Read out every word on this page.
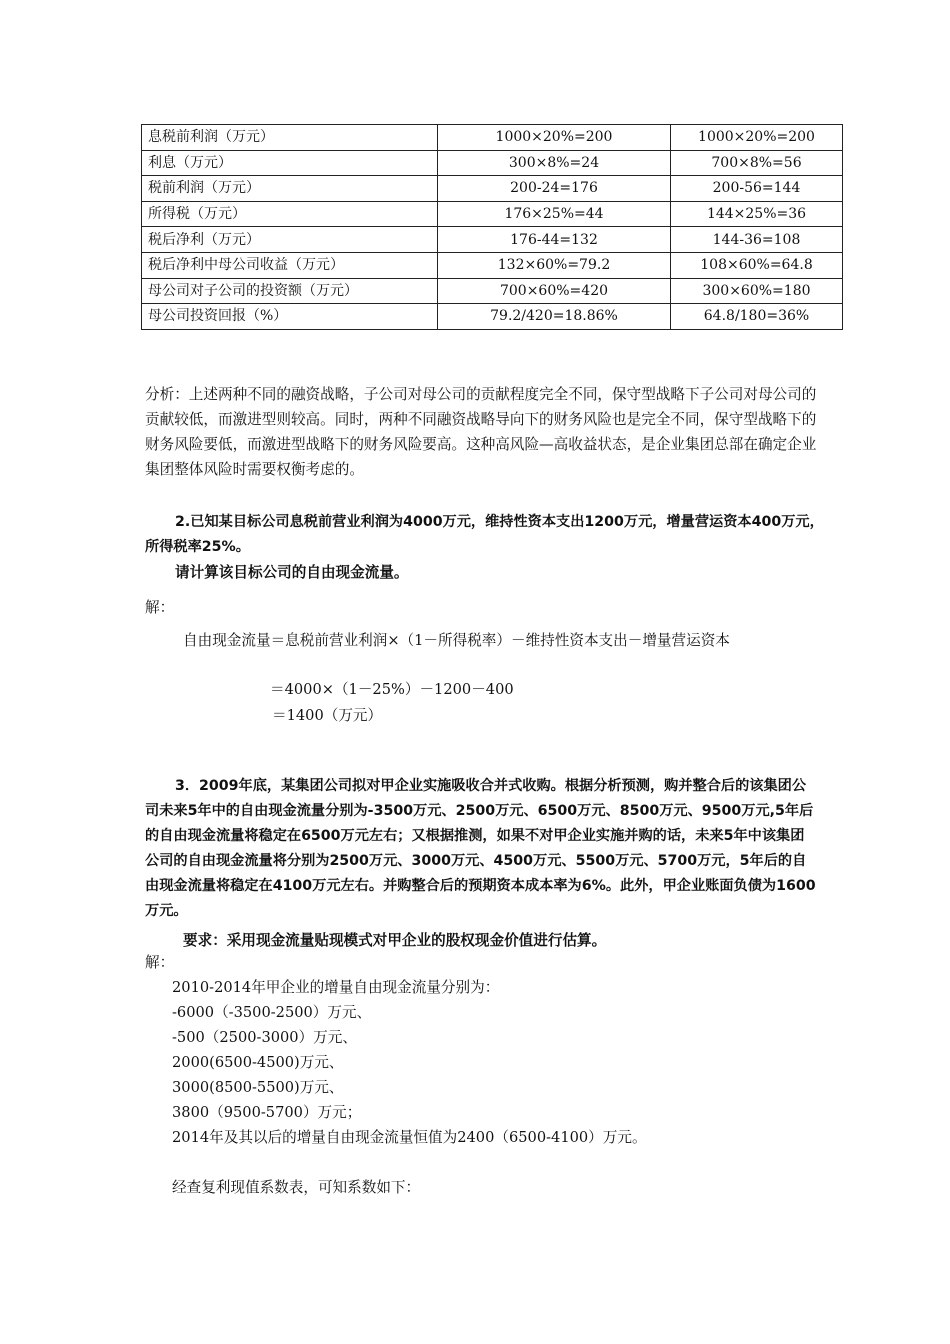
息税前利润（万元）	1000×20%=200	1000×20%=200
利息（万元）	300×8%=24	700×8%=56
税前利润（万元）	200-24=176	200-56=144
所得税（万元）	176×25%=44	144×25%=36
税后净利（万元）	176-44=132	144-36=108
税后净利中母公司收益（万元）	132×60%=79.2	108×60%=64.8
母公司对子公司的投资额（万元）	700×60%=420	300×60%=180
母公司投资回报（%）	79.2/420=18.86%	64.8/180=36%

分析：上述两种不同的融资战略，子公司对母公司的贡献程度完全不同，保守型战略下子公司对母公司的贡献较低，而激进型则较高。同时，两种不同融资战略导向下的财务风险也是完全不同，保守型战略下的财务风险要低，而激进型战略下的财务风险要高。这种高风险—高收益状态，是企业集团总部在确定企业集团整体风险时需要权衡考虑的。

2.已知某目标公司息税前营业利润为4000万元，维持性资本支出1200万元，增量营运资本400万元，所得税率25%。

请计算该目标公司的自由现金流量。

解：

自由现金流量＝息税前营业利润×（1－所得税率）－维持性资本支出－增量营运资本

＝4000×（1－25%）－1200－400

＝1400（万元）

3．2009年底，某集团公司拟对甲企业实施吸收合并式收购。根据分析预测，购并整合后的该集团公司未来5年中的自由现金流量分别为-3500万元、2500万元、6500万元、8500万元、9500万元,5年后的自由现金流量将稳定在6500万元左右；又根据推测，如果不对甲企业实施并购的话，未来5年中该集团公司的自由现金流量将分别为2500万元、3000万元、4500万元、5500万元、5700万元，5年后的自由现金流量将稳定在4100万元左右。并购整合后的预期资本成本率为6%。此外，甲企业账面负债为1600万元。

要求：采用现金流量贴现模式对甲企业的股权现金价值进行估算。

解：

2010-2014年甲企业的增量自由现金流量分别为：

-6000（-3500-2500）万元、

-500（2500-3000）万元、

2000(6500-4500)万元、

3000(8500-5500)万元、

3800（9500-5700）万元；

2014年及其以后的增量自由现金流量恒值为2400（6500-4100）万元。

经查复利现值系数表，可知系数如下：
